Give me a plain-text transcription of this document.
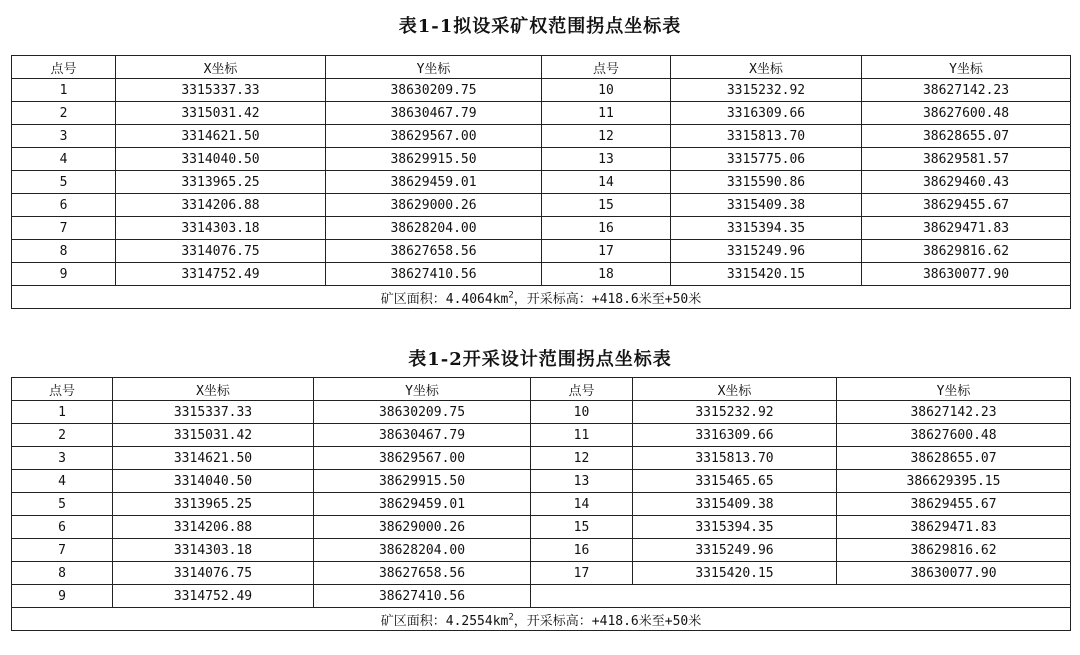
表1-1拟设采矿权范围拐点坐标表
点号	X坐标	Y坐标	点号	X坐标	Y坐标
1	3315337.33	38630209.75	10	3315232.92	38627142.23
2	3315031.42	38630467.79	11	3316309.66	38627600.48
3	3314621.50	38629567.00	12	3315813.70	38628655.07
4	3314040.50	38629915.50	13	3315775.06	38629581.57
5	3313965.25	38629459.01	14	3315590.86	38629460.43
6	3314206.88	38629000.26	15	3315409.38	38629455.67
7	3314303.18	38628204.00	16	3315394.35	38629471.83
8	3314076.75	38627658.56	17	3315249.96	38629816.62
9	3314752.49	38627410.56	18	3315420.15	38630077.90
矿区面积：$4.4064km^2$，开采标高：+418.6米至+50米					
表1-2开采设计范围拐点坐标表
点号	X坐标	Y坐标	点号	X坐标	Y坐标
1	3315337.33	38630209.75	10	3315232.92	38627142.23
2	3315031.42	38630467.79	11	3316309.66	38627600.48
3	3314621.50	38629567.00	12	3315813.70	38628655.07
4	3314040.50	38629915.50	13	3315465.65	386629395.15
5	3313965.25	38629459.01	14	3315409.38	38629455.67
6	3314206.88	38629000.26	15	3315394.35	38629471.83
7	3314303.18	38628204.00	16	3315249.96	38629816.62
8	3314076.75	38627658.56	17	3315420.15	38630077.90
9	3314752.49	38627410.56			
矿区面积：$4.2554km^2$，开采标高：+418.6米至+50米					
